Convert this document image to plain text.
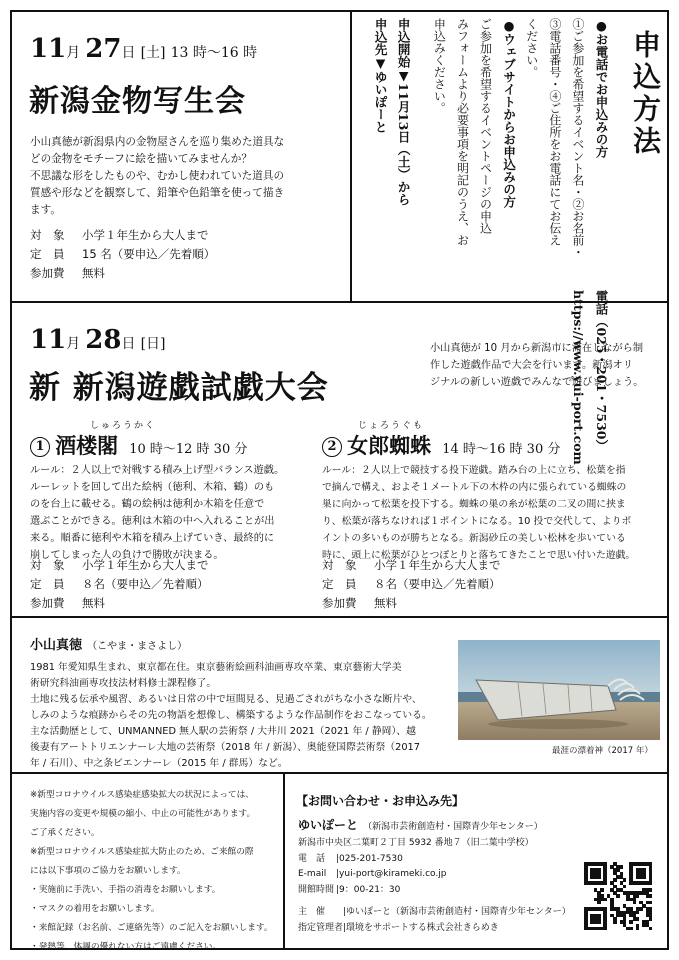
11月 27日 [土] 13 時～16 時
新潟金物写生会
小山真徳が新潟県内の金物屋さんを巡り集めた道具な
どの金物をモチーフに絵を描いてみませんか？
不思議な形をしたものや、むかし使われていた道具の
質感や形などを観察して、鉛筆や色鉛筆を使って描き
ます。
対　象 小学１年生から大人まで
定　員 15 名（要申込／先着順）
参加費 無料
申込方法
●お電話でお申込みの方 ①ご参加を希望するイベント名・②お名前・ ③電話番号・④ご住所をお電話にてお伝え ください。 ●ウェブサイトからお申込みの方 ご参加を希望するイベントページの申込 みフォームより必要事項を明記のうえ、お 申込みください。  申込開始▼11月13日（土）から 申込先▼ゆいぽーと 電話（025・201・7530） https://www.yui-port.com
11月 28日 [日]
新 新潟遊戯試戯大会
小山真徳が 10 月から新潟市に滞在しながら制
作した遊戯作品で大会を行います。新潟オリ
ジナルの新しい遊戯でみんなで遊びましょう。
しゅろうかく
1 酒楼閣 10 時～12 時 30 分
ルール：２人以上で対戦する積み上げ型バランス遊戯。
ルーレットを回して出た絵柄（徳利、木箱、鶴）のも
のを台上に載せる。鶴の絵柄は徳利か木箱を任意で
選ぶことができる。徳利は木箱の中へ入れることが出
来る。順番に徳利や木箱を積み上げていき、最終的に
崩してしまった人の負けで勝敗が決まる。
対　象 小学１年生から大人まで
定　員 ８名（要申込／先着順）
参加費 無料
じょろうぐも
2 女郎蜘蛛 14 時～16 時 30 分
ルール：２人以上で競技する投下遊戯。踏み台の上に立ち、松葉を指
で摘んで構え、およそ１メートル下の木枠の内に張られている蜘蛛の
巣に向かって松葉を投下する。蜘蛛の巣の糸が松葉の二叉の間に挟ま
り、松葉が落ちなければ１ポイントになる。10 投で交代して、よりポ
イントの多いものが勝ちとなる。新潟砂丘の美しい松林を歩いている
時に、頭上に松葉がひとつぽとりと落ちてきたことで思い付いた遊戯。
対　象 小学１年生から大人まで
定　員 ８名（要申込／先着順）
参加費 無料
小山真徳 （こやま・まさよし）
1981 年愛知県生まれ、東京都在住。東京藝術絵画科油画専攻卒業、東京藝術大学美
術研究科油画専攻技法材料修士課程修了。
土地に残る伝承や風習、あるいは日常の中で垣間見る、見過ごされがちな小さな断片や、
しみのような痕跡からその先の物語を想像し、構築するような作品制作をおこなっている。
主な活動歴として、UNMANNED 無人駅の芸術祭 / 大井川 2021（2021 年 / 静岡）、越
後妻有アートトリエンナーレ大地の芸術祭（2018 年 / 新潟）、奥能登国際芸術祭（2017
年 / 石川）、中之条ビエンナーレ（2015 年 / 群馬）など。
最涯の漂着神（2017 年）
※新型コロナウイルス感染症感染拡大の状況によっては、
実施内容の変更や規模の縮小、中止の可能性があります。
ご了承ください。
※新型コロナウイルス感染症拡大防止のため、ご来館の際
には以下事項のご協力をお願いします。
・実施前に手洗い、手指の消毒をお願いします。
・マスクの着用をお願いします。
・来館記録（お名前、ご連絡先等）のご記入をお願いします。
・発熱等、体調の優れない方はご遠慮ください。
【お問い合わせ・お申込み先】
ゆいぽーと （新潟市芸術創造村・国際青少年センター）
新潟市中央区二葉町２丁目 5932 番地７（旧二葉中学校）
電　話 |025-201-7530
E-mail |yui-port@kirameki.co.jp
開館時間 |9：00-21：30
主　催 |ゆいぽーと（新潟市芸術創造村・国際青少年センター）
指定管理者|環境をサポートする株式会社きらめき
